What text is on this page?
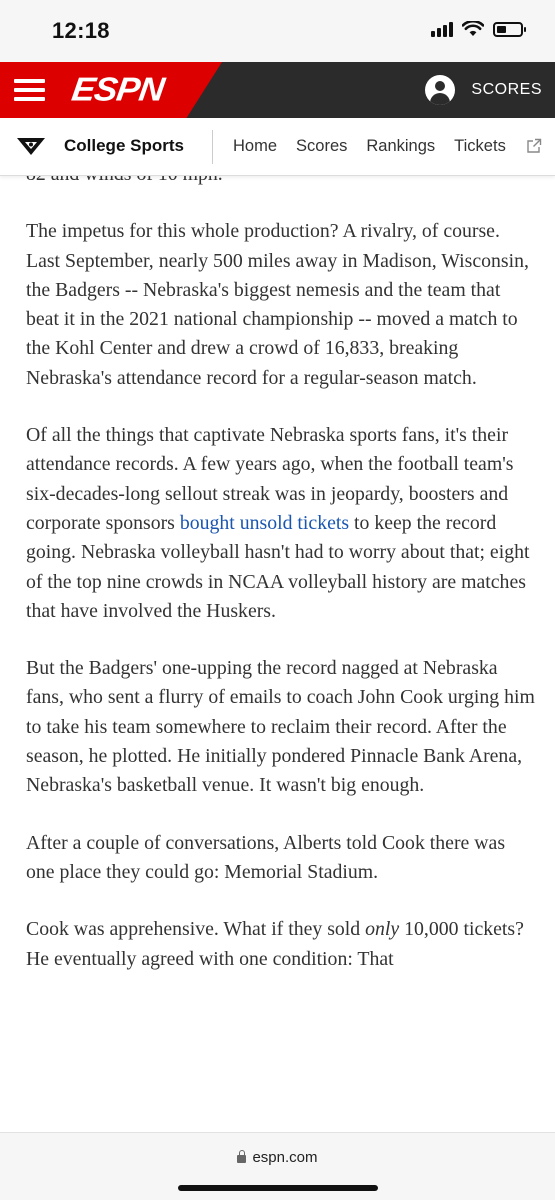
12:18
ESPN	SCORES
College Sports	Home Scores Rankings Tickets

The impetus for this whole production? A rivalry, of course. Last September, nearly 500 miles away in Madison, Wisconsin, the Badgers -- Nebraska's biggest nemesis and the team that beat it in the 2021 national championship -- moved a match to the Kohl Center and drew a crowd of 16,833, breaking Nebraska's attendance record for a regular-season match.

Of all the things that captivate Nebraska sports fans, it's their attendance records. A few years ago, when the football team's six-decades-long sellout streak was in jeopardy, boosters and corporate sponsors bought unsold tickets to keep the record going. Nebraska volleyball hasn't had to worry about that; eight of the top nine crowds in NCAA volleyball history are matches that have involved the Huskers.

But the Badgers' one-upping the record nagged at Nebraska fans, who sent a flurry of emails to coach John Cook urging him to take his team somewhere to reclaim their record. After the season, he plotted. He initially pondered Pinnacle Bank Arena, Nebraska's basketball venue. It wasn't big enough.

After a couple of conversations, Alberts told Cook there was one place they could go: Memorial Stadium.

Cook was apprehensive. What if they sold only 10,000 tickets? He eventually agreed with one condition: That

espn.com
